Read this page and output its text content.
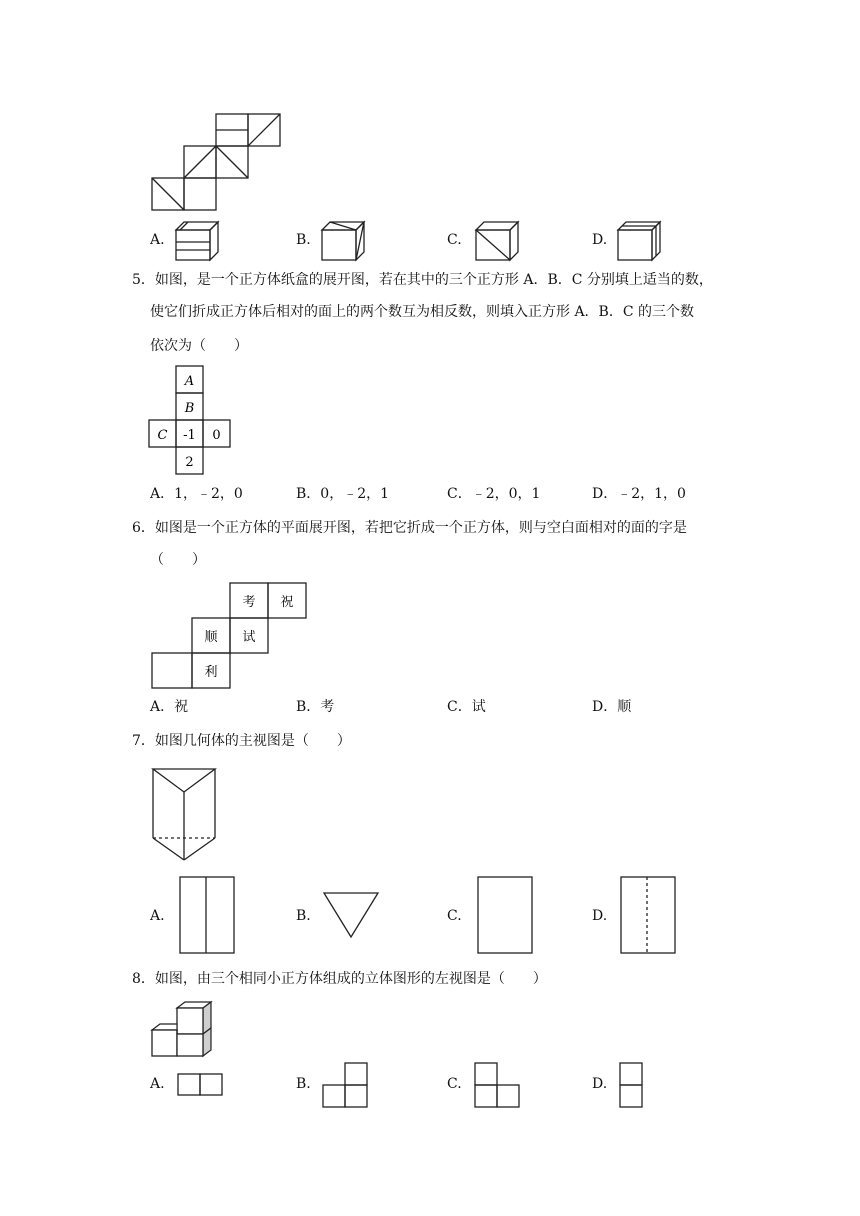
A.	B.	C.	D.
5．如图，是一个正方体纸盒的展开图，若在其中的三个正方形 A．B．C 分别填上适当的数，
使它们折成正方体后相对的面上的两个数互为相反数，则填入正方形 A．B．C 的三个数
依次为（　　）
A
B
C -1 0
2
A．1，﹣2，0	B．0，﹣2，1	C．﹣2，0，1	D．﹣2，1，0
6．如图是一个正方体的平面展开图，若把它折成一个正方体，则与空白面相对的面的字是
（　　）
考 祝
顺 试
利
A．祝	B．考	C．试	D．顺
7．如图几何体的主视图是（　　）
A.	B.	C.	D.
8．如图，由三个相同小正方体组成的立体图形的左视图是（　　）
A.	B.	C.	D.
